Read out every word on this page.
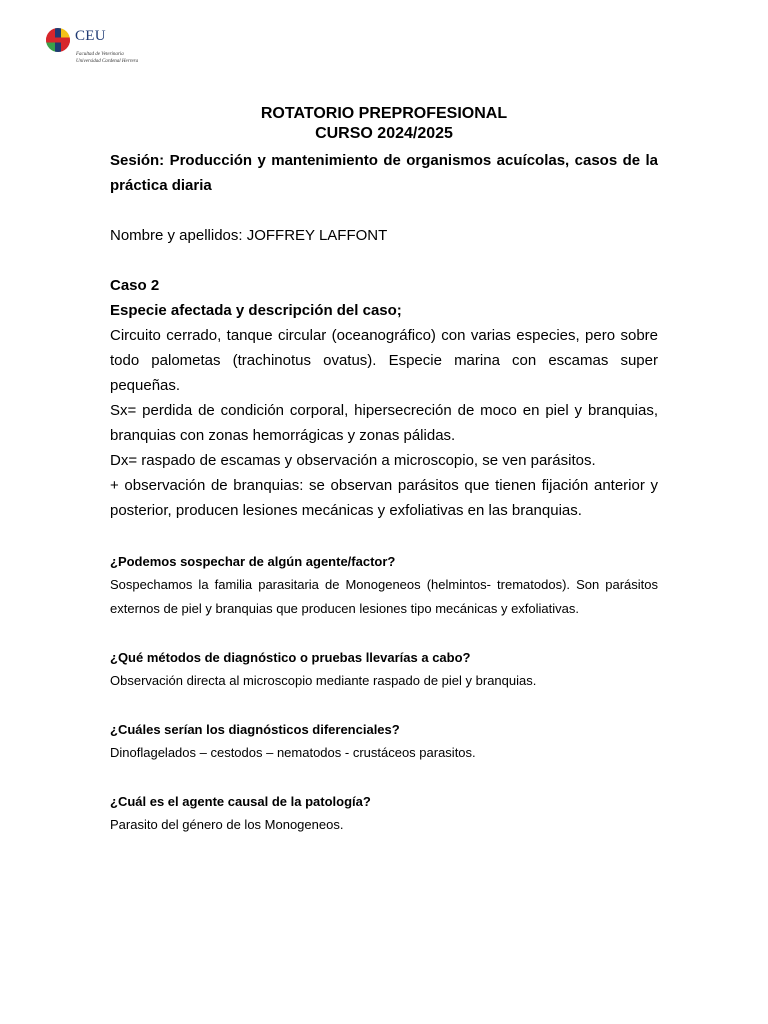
CEU
Facultad de Veterinaria
Universidad Cardenal Herrera

ROTATORIO PREPROFESIONAL

CURSO 2024/2025

Sesión: Producción y mantenimiento de organismos acuícolas, casos de la práctica diaria

Nombre y apellidos: JOFFREY LAFFONT

Caso 2

Especie afectada y descripción del caso;

Circuito cerrado, tanque circular (oceanográfico) con varias especies, pero sobre todo palometas (trachinotus ovatus). Especie marina con escamas super pequeñas.

Sx= perdida de condición corporal, hipersecreción de moco en piel y branquias, branquias con zonas hemorrágicas y zonas pálidas.

Dx= raspado de escamas y observación a microscopio, se ven parásitos.

+ observación de branquias: se observan parásitos que tienen fijación anterior y posterior, producen lesiones mecánicas y exfoliativas en las branquias.

¿Podemos sospechar de algún agente/factor?

Sospechamos la familia parasitaria de Monogeneos (helmintos- trematodos). Son parásitos externos de piel y branquias que producen lesiones tipo mecánicas y exfoliativas.

¿Qué métodos de diagnóstico o pruebas llevarías a cabo?

Observación directa al microscopio mediante raspado de piel y branquias.

¿Cuáles serían los diagnósticos diferenciales?

Dinoflagelados – cestodos – nematodos - crustáceos parasitos.

¿Cuál es el agente causal de la patología?

Parasito del género de los Monogeneos.
